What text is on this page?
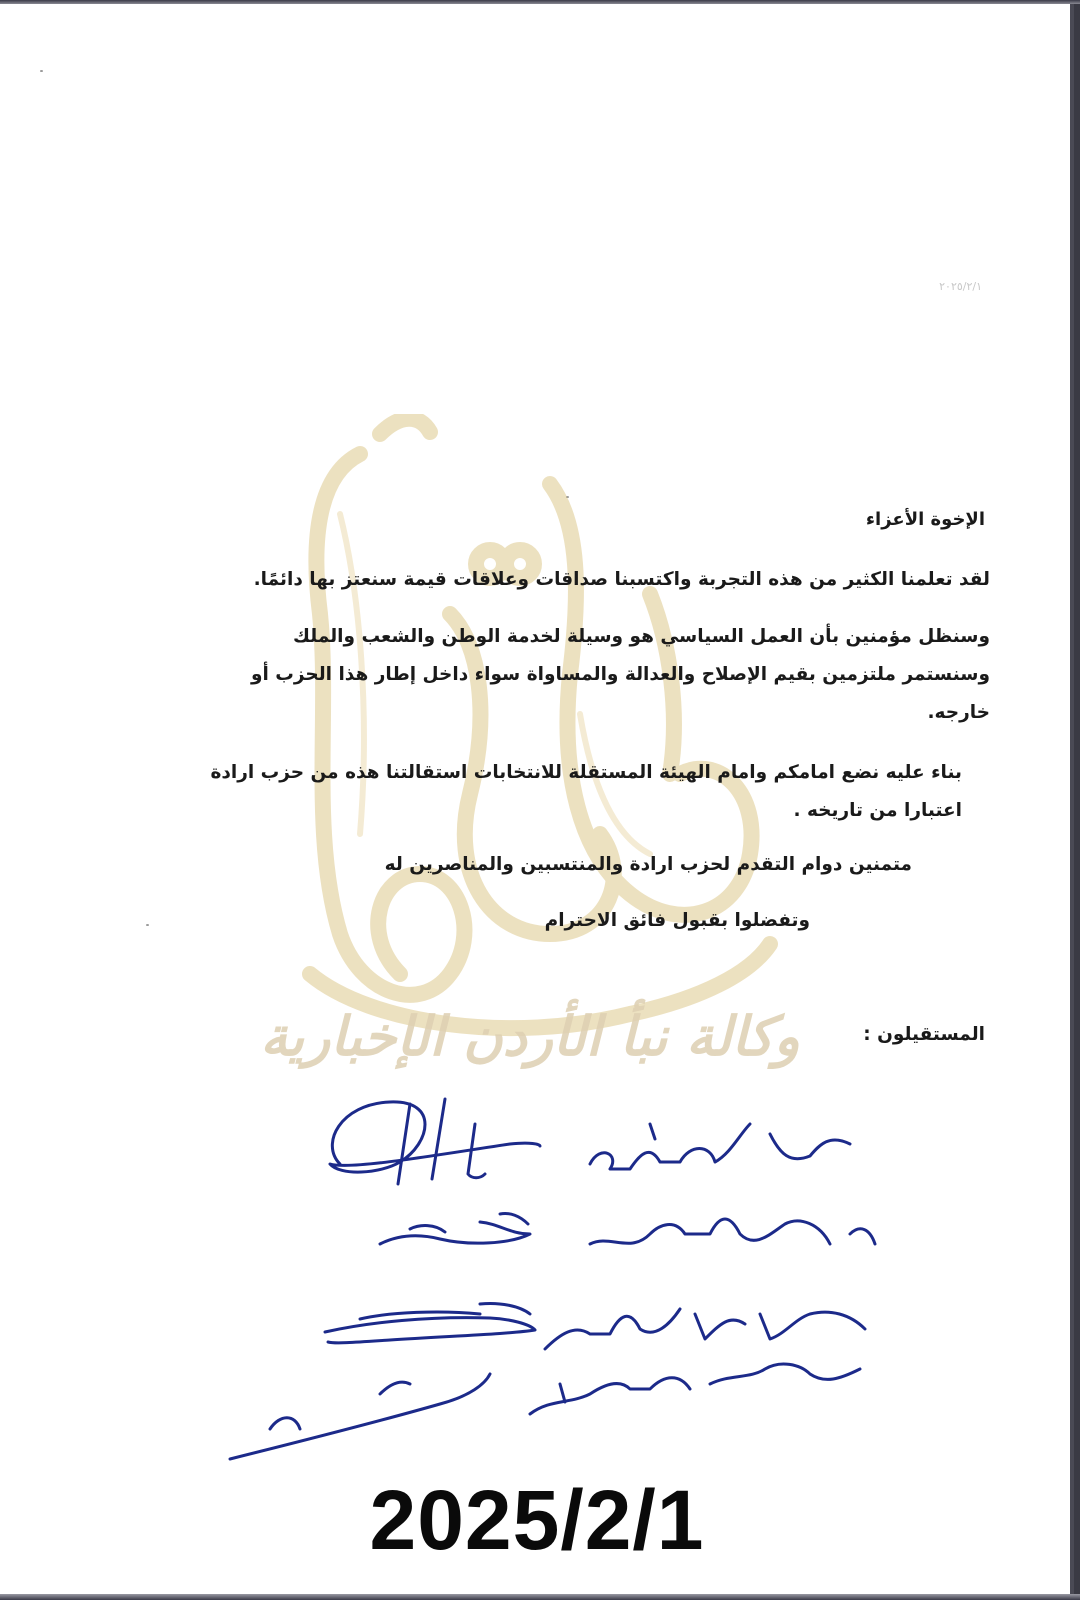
٢٠٢٥/٢/١
وكالة نبأ الأردن الإخبارية
الإخوة الأعزاء
لقد تعلمنا الكثير من هذه التجربة واكتسبنا صداقات وعلاقات قيمة سنعتز بها دائمًا.
وسنظل مؤمنين بأن العمل السياسي هو وسيلة لخدمة الوطن والشعب والملك
وسنستمر ملتزمين بقيم الإصلاح والعدالة والمساواة سواء داخل إطار هذا الحزب أو
خارجه.
بناء عليه نضع امامكم وامام الهيئة المستقلة للانتخابات استقالتنا هذه من حزب ارادة
اعتبارا من تاريخه .
متمنين دوام التقدم لحزب ارادة والمنتسبين والمناصرين له
وتفضلوا بقبول فائق الاحترام
المستقيلون :
2025/2/1
